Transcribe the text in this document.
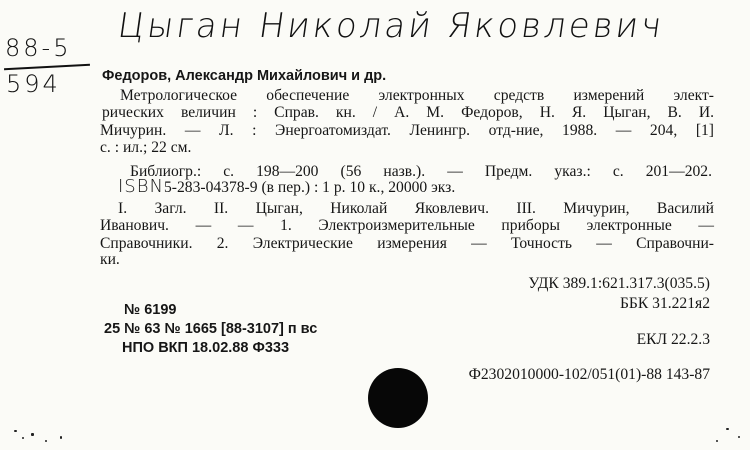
Цыган Николай Яковлевич
88-5
594	Федоров, Александр Михайлович и др.
Метрологическое обеспечение электронных средств измерений элект-
рических величин : Справ. кн. / А. М. Федоров, Н. Я. Цыган, В. И.
Мичурин. — Л. : Энергоатомиздат. Ленингр. отд-ние, 1988. — 204, [1]
с. : ил.; 22 см.
Библиогр.: с. 198—200 (56 назв.). — Предм. указ.: с. 201—202.
ISBN5-283-04378-9 (в пер.) : 1 р. 10 к., 20000 экз.
I. Загл. II. Цыган, Николай Яковлевич. III. Мичурин, Василий
Иванович. — — 1. Электроизмерительные приборы электронные —
Справочники. 2. Электрические измерения — Точность — Справочни-
ки.
УДК 389.1:621.317.3(035.5)
ББК 31.221я2
№ 6199
25 № 63 № 1665 [88-3107] п вс
ЕКЛ 22.2.3
НПО ВКП 18.02.88 Ф333
Ф2302010000-102/051(01)-88 143-87
